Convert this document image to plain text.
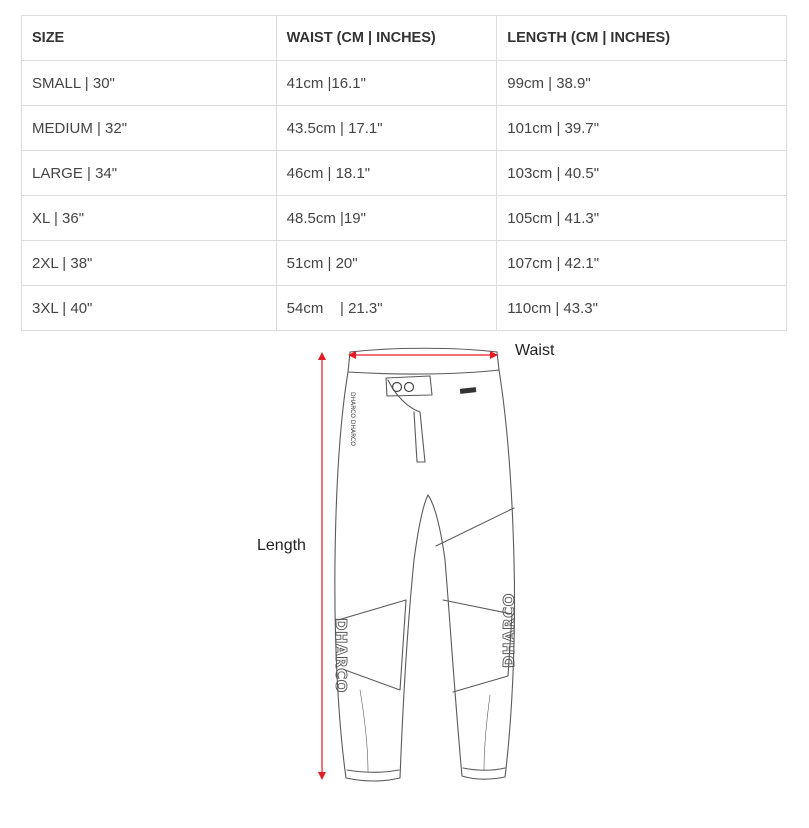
SIZE	WAIST (CM | INCHES)	LENGTH (CM | INCHES)
SMALL | 30"	41cm |16.1"	99cm | 38.9"
MEDIUM | 32"	43.5cm | 17.1"	101cm | 39.7"
LARGE | 34"	46cm | 18.1"	103cm | 40.5"
XL | 36"	48.5cm |19"	105cm | 41.3"
2XL | 38"	51cm | 20"	107cm | 42.1"
3XL | 40"	54cm    | 21.3"	110cm | 43.3"
DHARCO DHARCO
DHARCO	DHARCO
Waist
Length
